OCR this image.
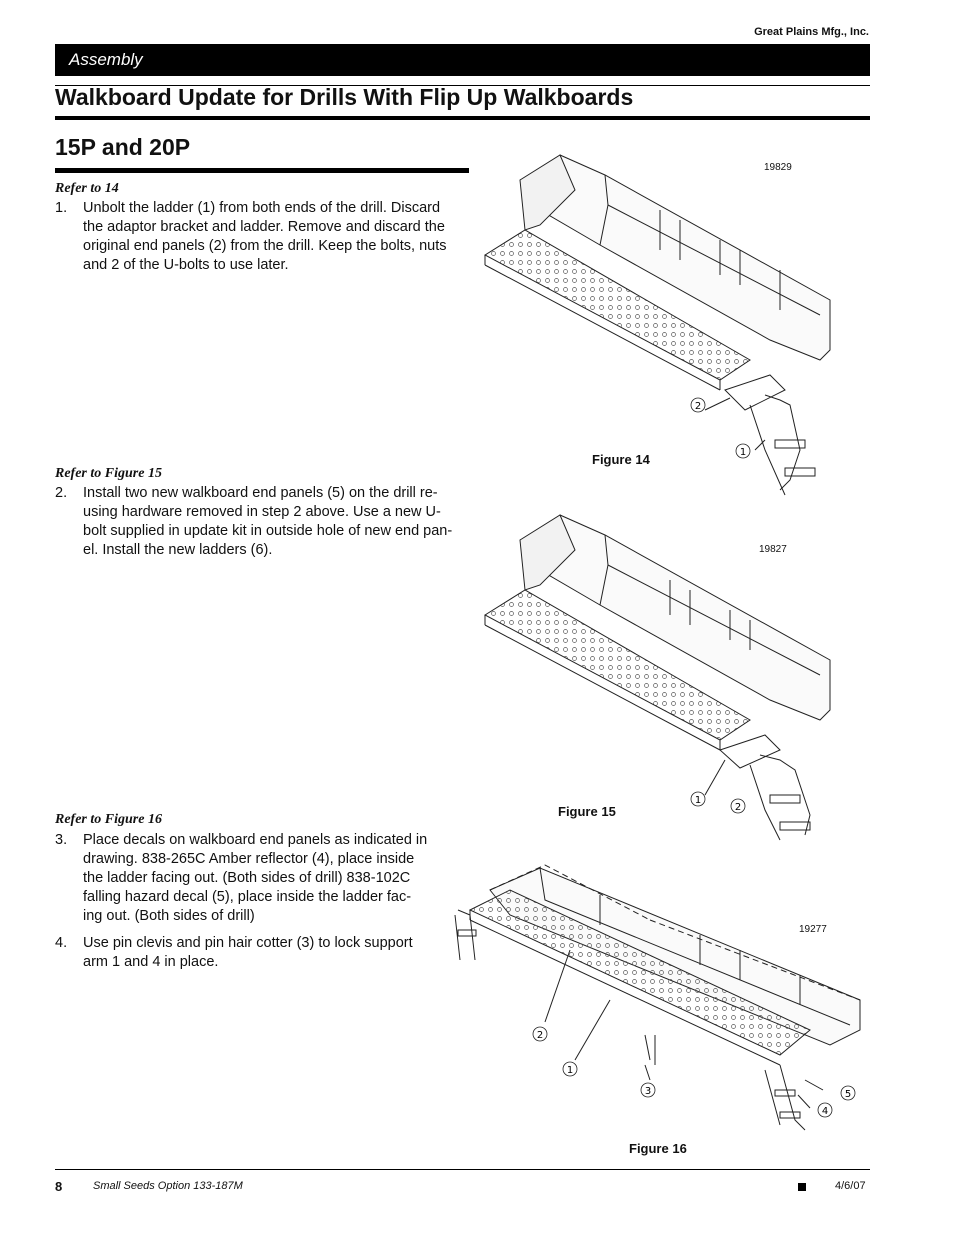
Great Plains Mfg., Inc.
Assembly
Walkboard Update for Drills With Flip Up Walkboards
15P and 20P
Refer to 14
1. Unbolt the ladder (1) from both ends of the drill. Discard
the adaptor bracket and ladder. Remove and discard the
original end panels (2) from the drill. Keep the bolts, nuts
and 2 of the U-bolts to use later.
Refer to Figure 15
2. Install two new walkboard end panels (5) on the drill re-
using hardware removed in step 2 above. Use a new U-
bolt supplied in update kit in outside hole of new end pan-
el. Install the new ladders (6).
Refer to Figure 16
3. Place decals on walkboard end panels as indicated in
drawing. 838-265C Amber reflector (4), place inside
the ladder facing out. (Both sides of drill) 838-102C
falling hazard decal (5), place inside the ladder fac-
ing out. (Both sides of drill)
4. Use pin clevis and pin hair cotter (3) to lock support
arm 1 and 4 in place.
2
1
19829
Figure 14
1
2
19827
Figure 15
2
1
3
4
5
19277
Figure 16
8	Small Seeds Option 133-187M	4/6/07
